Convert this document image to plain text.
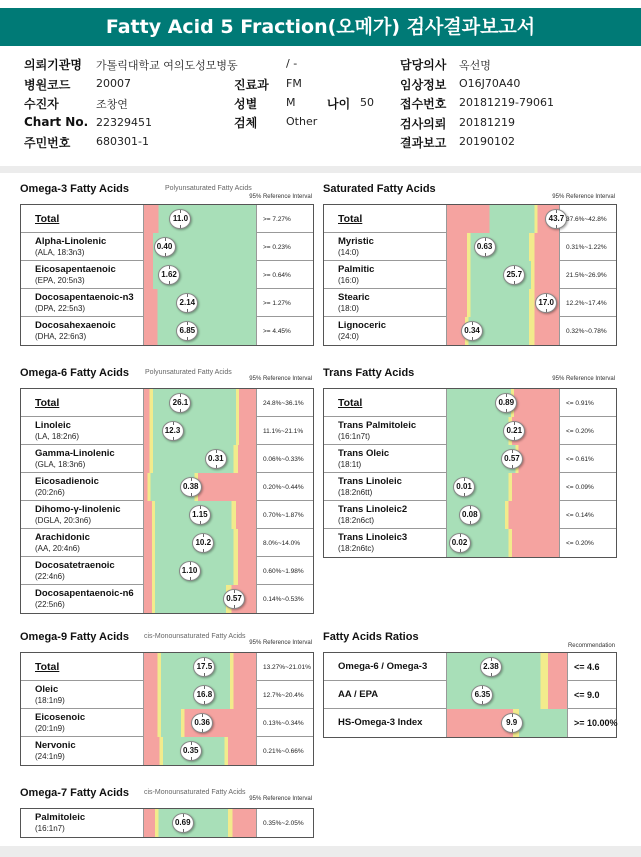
Fatty Acid 5 Fraction(오메가) 검사결과보고서
의뢰기관명 가톨릭대학교 여의도성모병동	/ -
병원코드 20007
수진자	조창연
Chart No. 22329451
주민번호 680301-1
진료과 FM
성별	M	나이 50
검체	Other
담당의사 옥선명
임상정보 O16J70A40
접수번호 20181219-79061
검사의뢰 20181219
결과보고 20190102
Omega-3 Fatty Acids	Polyunsaturated Fatty Acids
95% Reference Interval
Total	11.0	>= 7.27%
Alpha-Linolenic
(ALA, 18:3n3)
0.40	>= 0.23%
Eicosapentaenoic
(EPA, 20:5n3)
1.62	>= 0.64%
Docosapentaenoic-n3
(DPA, 22:5n3)
2.14	>= 1.27%
Docosahexaenoic
(DHA, 22:6n3)
6.85	>= 4.45%
Saturated Fatty Acids
95% Reference Interval
Total	43.7 37.6%~42.8%
Myristic
(14:0)
0.63	0.31%~1.22%
Palmitic
(16:0)
25.7	21.5%~26.9%
Stearic
(18:0)
17.0	12.2%~17.4%
Lignoceric
(24:0)
0.34	0.32%~0.78%
Omega-6 Fatty Acids Polyunsaturated Fatty Acids
95% Reference Interval
Total	26.1	24.8%~36.1%
Linoleic
(LA, 18:2n6)
12.3	11.1%~21.1%
Gamma-Linolenic
(GLA, 18:3n6)
0.31	0.06%~0.33%
Eicosadienoic
(20:2n6)
0.38	0.20%~0.44%
Dihomo-γ-linolenic
(DGLA, 20:3n6)
1.15	0.70%~1.87%
Arachidonic
(AA, 20:4n6)
10.2	8.0%~14.0%
Docosatetraenoic
(22:4n6)
1.10	0.60%~1.98%
Docosapentaenoic-n6
(22:5n6)
0.57	0.14%~0.53%
Trans Fatty Acids	95% Reference Interval
Total	0.89	<= 0.91%
Trans Palmitoleic
(16:1n7t)
0.21	<= 0.20%
Trans Oleic
(18:1t)
0.57	<= 0.61%
Trans Linoleic
(18:2n6tt)
0.01	<= 0.09%
Trans Linoleic2
(18:2n6ct)
0.08	<= 0.14%
Trans Linoleic3
(18:2n6tc)
0.02	<= 0.20%
Omega-9 Fatty Acids cis-Monounsaturated Fatty Acids
95% Reference Interval
Total	17.5	13.27%~21.01%
Oleic
(18:1n9)
16.8	12.7%~20.4%
Eicosenoic
(20:1n9)
0.36	0.13%~0.34%
Nervonic
(24:1n9)
0.35	0.21%~0.66%
Omega-7 Fatty Acids cis-Monounsaturated Fatty Acids
95% Reference Interval
Palmitoleic
(16:1n7)
0.69	0.35%~2.05%
Fatty Acids Ratios
Recommendation
Omega-6 / Omega-3	2.38	<= 4.6
AA / EPA	6.35	<= 9.0
HS-Omega-3 Index	9.9	>= 10.00%
